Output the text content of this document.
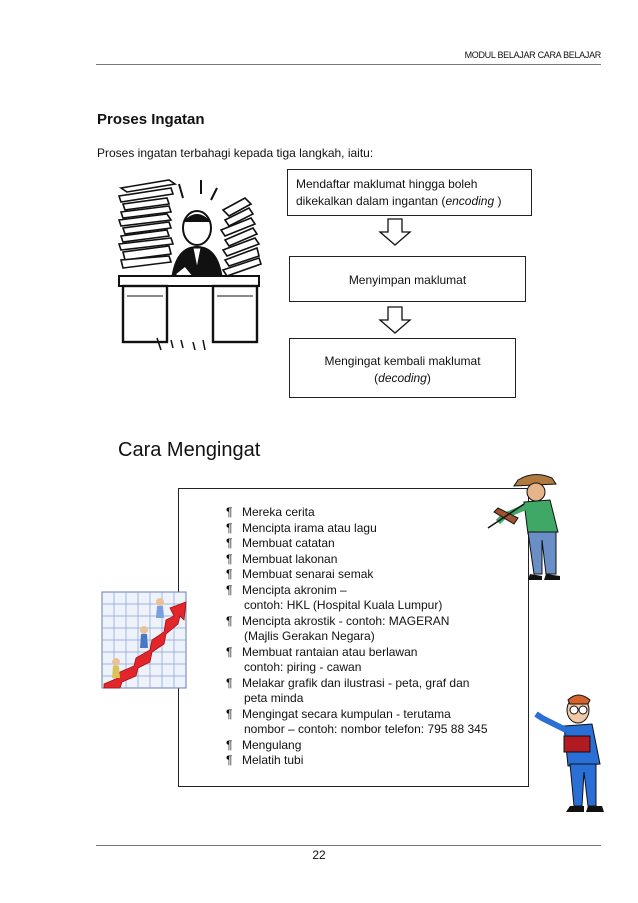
MODUL BELAJAR CARA BELAJAR
Proses Ingatan
Proses ingatan terbahagi kepada tiga langkah, iaitu:
Mendaftar maklumat hingga boleh dikekalkan dalam ingantan (encoding )
Menyimpan maklumat
Mengingat kembali maklumat
(decoding)
Cara Mengingat
¶ Mereka cerita
¶ Mencipta irama atau lagu
¶ Membuat catatan
¶ Membuat lakonan
¶ Membuat senarai semak
¶ Mencipta akronim –
contoh: HKL (Hospital Kuala Lumpur)
¶ Mencipta akrostik - contoh: MAGERAN
(Majlis Gerakan Negara)
¶ Membuat rantaian atau berlawan
contoh: piring - cawan
¶ Melakar grafik dan ilustrasi - peta, graf dan
peta minda
¶ Mengingat secara kumpulan - terutama
nombor – contoh: nombor telefon: 795 88 345
¶ Mengulang
¶ Melatih tubi
22
